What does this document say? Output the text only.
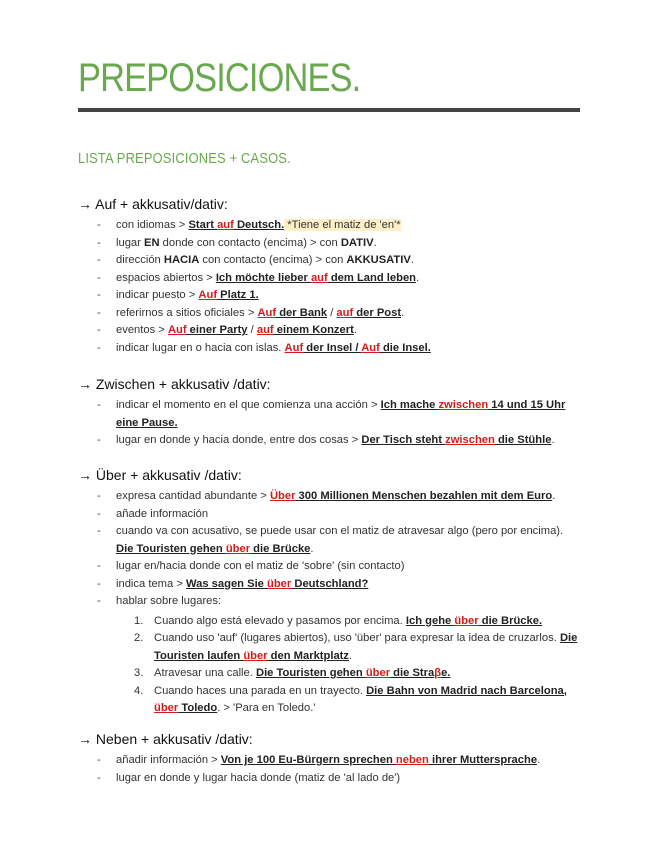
PREPOSICIONES.

LISTA PREPOSICIONES + CASOS.

→ Auf + akkusativ/dativ:

- con idiomas > Start auf Deutsch. *Tiene el matiz de 'en'*
- lugar EN donde con contacto (encima) > con DATIV.
- dirección HACIA con contacto (encima) > con AKKUSATIV.
- espacios abiertos > Ich möchte lieber auf dem Land leben.
- indicar puesto > Auf Platz 1.
- referirnos a sitios oficiales > Auf der Bank / auf der Post.
- eventos > Auf einer Party / auf einem Konzert.
- indicar lugar en o hacia con islas. Auf der Insel / Auf die Insel.

→ Zwischen + akkusativ /dativ:

- indicar el momento en el que comienza una acción > Ich mache zwischen 14 und 15 Uhr eine Pause.
- lugar en donde y hacia donde, entre dos cosas > Der Tisch steht zwischen die Stühle.

→ Über + akkusativ /dativ:

- expresa cantidad abundante > Über 300 Millionen Menschen bezahlen mit dem Euro.
- añade información
- cuando va con acusativo, se puede usar con el matiz de atravesar algo (pero por encima). Die Touristen gehen über die Brücke.
- lugar en/hacia donde con el matiz de 'sobre' (sin contacto)
- indica tema > Was sagen Sie über Deutschland?
- hablar sobre lugares:
1. Cuando algo está elevado y pasamos por encima. Ich gehe über die Brücke.
2. Cuando uso 'auf' (lugares abiertos), uso 'über' para expresar la idea de cruzarlos. Die Touristen laufen über den Marktplatz.
3. Atravesar una calle. Die Touristen gehen über die Straβe.
4. Cuando haces una parada en un trayecto. Die Bahn von Madrid nach Barcelona, über Toledo. > 'Para en Toledo.'

→ Neben + akkusativ /dativ:

- añadir información > Von je 100 Eu-Bürgern sprechen neben ihrer Muttersprache.
- lugar en donde y lugar hacia donde (matiz de 'al lado de')
